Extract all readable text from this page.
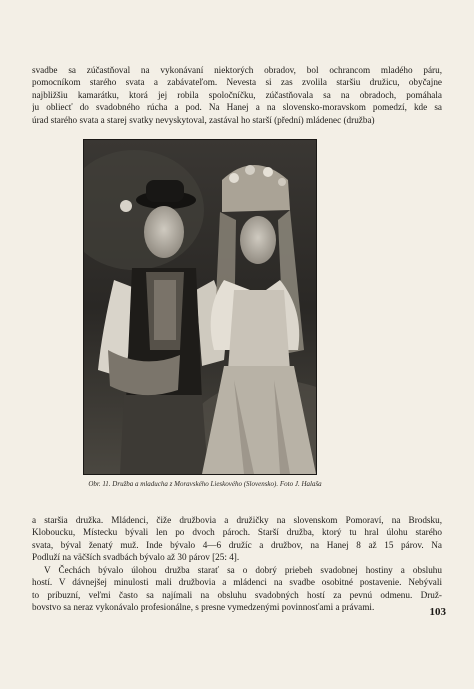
svadbe sa zúčastňoval na vykonávaní niektorých obradov, bol ochrancom mladého páru,
pomocníkom starého svata a zabávateľom. Nevesta si zas zvolila staršiu družicu, obyčajne
najbližšiu kamarátku, ktorá jej robila spoločníčku, zúčastňovala sa na obradoch, pomáhala
ju obliecť do svadobného rúcha a pod. Na Hanej a na slovensko-moravskom pomedzí, kde sa
úrad starého svata a starej svatky nevyskytoval, zastával ho starší (přední) mládenec (družba)

Obr. 11. Družba a mladucha z Moravského Lieskového (Slovensko). Foto J. Halaša

a staršia družka. Mládenci, čiže družbovia a družičky na slovenskom Pomoraví, na Brodsku,
Kloboucku, Místecku bývali len po dvoch pároch. Starší družba, ktorý tu hral úlohu starého
svata, býval ženatý muž. Inde bývalo 4—6 družíc a družbov, na Hanej 8 až 15 párov. Na
Podluží na väčších svadbách bývalo až 30 párov [25: 4].

V Čechách bývalo úlohou družba starať sa o dobrý priebeh svadobnej hostiny a obsluhu
hostí. V dávnejšej minulosti mali družbovia a mládenci na svadbe osobitné postavenie. Nebývali
to príbuzní, veľmi často sa najímali na obsluhu svadobných hostí za pevnú odmenu. Druž-
bovstvo sa neraz vykonávalo profesionálne, s presne vymedzenými povinnosťami a právami.	103
